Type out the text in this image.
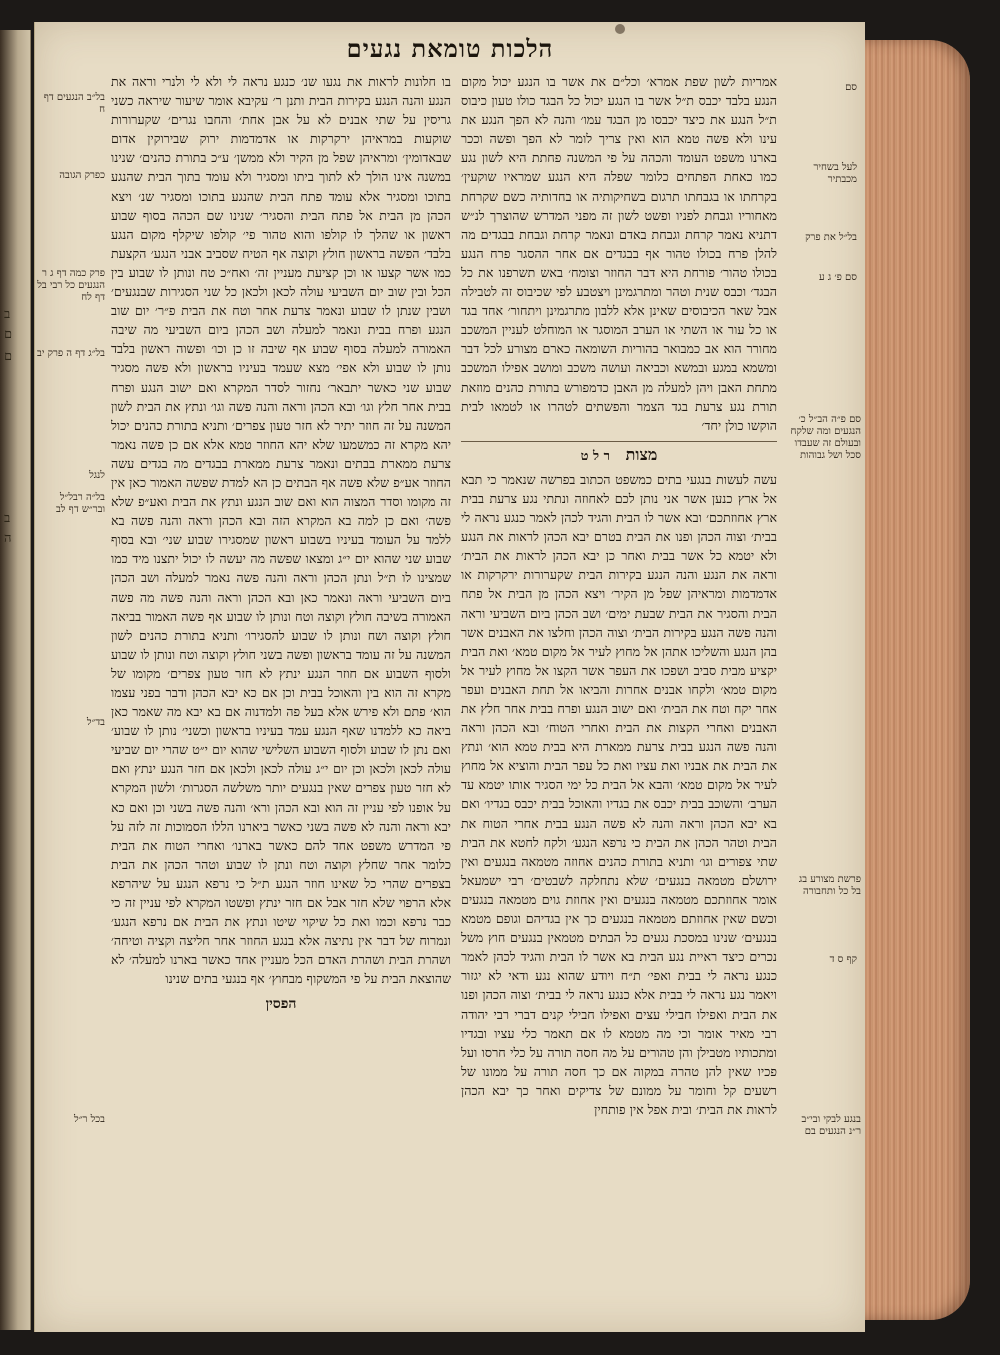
ב
ם
ם
ב
ה
הלכות טומאת נגעים

אמריות לשון שפת אמרא׳ וכל״ם את אשר בו הנגע יכול מקום הנגע בלבד יכבס ת״ל אשר בו הנגע יכול כל הבגד כולו טעון כיבוס ת״ל הנגע את כיצד יכבסו מן הבגד עמו׳ והנה לא הפך הנגע את עינו ולא פשה טמא הוא ואין צריך לומר לא הפך ופשה וככר בארנו משפט העומד והכהה על פי המשנה פחתת היא לשון נגע כמו כאחת הפתחים כלומר שפלה היא הנגע שמראיו שוקעין׳ בקרחתו או בגבחתו תרגום בשחיקותיה או בחדותיה כשם שקרחת מאחוריו וגבחת לפניו ופשט לשון זה מפני המדרש שהוצרך לנ״ש דתניא נאמר קרחת וגבחת באדם ונאמר קרחת וגבחת בבגדים מה להלן פרח בכולו טהור אף בבגדים אם אחר ההסגר פרח הנגע בכולו טהור׳ פורחת היא דבר החוזר וצומח׳ באש תשרפנו את כל הבגד׳ וכבס שנית וטהר ומתרגמינן ויצטבע לפי שכיבוס זה לטבילה אבל שאר הכיבוסים שאינן אלא ללבון מתרגמינן ויתחור׳ אחד בגד או כל עור או השתי או הערב המוסגר או המוחלט לעניין המשכב מחורר הוא אב כמבואר בהוריות השומאה כארם מצורע לכל דבר ומשמא במגע ובמשא וכביאה ועושה משכב ומושב אפילו המשכב מתחת האבן ויהן למעלה מן האבן כדמפורש בתורת כהנים מוזאת תורת נגע צרעת בגד הצמר והפשתים לטהרו או לטמאו לבית הוקשו כולן יחד׳

מצות ר ל ט

עשה לעשות בנגעי בתים כמשפט הכתוב בפרשה שנאמר כי תבא אל ארץ כנען אשר אני נותן לכם לאחוזה ונתתי נגע צרעת בבית ארץ אחוזתכם׳ ובא אשר לו הבית והגיד לכהן לאמר כנגע נראה לי בבית׳ וצוה הכהן ופנו את הבית בטרם יבא הכהן לראות את הנגע ולא יטמא כל אשר בבית ואחר כן יבא הכהן לראות את הבית׳ וראה את הנגע והנה הנגע בקירות הבית שקערורות ירקרקות או אדמדמות ומראיהן שפל מן הקיר׳ ויצא הכהן מן הבית אל פתח הבית והסגיר את הבית שבעת ימים׳ ושב הכהן ביום השביעי וראה והנה פשה הנגע בקירות הבית׳ וצוה הכהן וחלצו את האבנים אשר בהן הנגע והשליכו אתהן אל מחוץ לעיר אל מקום טמא׳ ואת הבית יקציע מבית סביב ושפכו את העפר אשר הקצו אל מחוץ לעיר אל מקום טמא׳ ולקחו אבנים אחרות והביאו אל תחת האבנים ועפר אחר יקח וטח את הבית׳ ואם ישוב הנגע ופרח בבית אחר חלץ את האבנים ואחרי הקצות את הבית ואחרי הטוח׳ ובא הכהן וראה והנה פשה הנגע בבית צרעת ממארת היא בבית טמא הוא׳ ונתץ את הבית את אבניו ואת עציו ואת כל עפר הבית והוציא אל מחוץ לעיר אל מקום טמא׳ והבא אל הבית כל ימי הסגיר אותו יטמא עד הערב׳ והשוכב בבית יכבס את בגדיו והאוכל בבית יכבס בגדיו׳ ואם בא יבא הכהן וראה והנה לא פשה הנגע בבית אחרי הטוח את הבית וטהר הכהן את הבית כי נרפא הנגע׳ ולקח לחטא את הבית שתי צפורים וגו׳ ותניא בתורת כהנים אחוזה מטמאה בנגעים ואין ירושלם מטמאה בנגעים׳ שלא נתחלקה לשבטים׳ רבי ישמעאל אומר אחוזתכם מטמאה בנגעים ואין אחוזת גוים מטמאה בנגעים וכשם שאין אחוזתם מטמאה בנגעים כך אין בגדיהם וגופם מטמא בנגעים׳ שנינו במסכת נגעים כל הבתים מטמאין בנגעים חוץ משל נכרים כיצד ראיית נגע הבית בא אשר לו הבית והגיד לכהן לאמר כנגע נראה לי בבית ואפי׳ ת״ח ויודע שהוא נגע ודאי לא יגזור ויאמר נגע נראה לי בבית אלא כנגע נראה לי בבית׳ וצוה הכהן ופנו את הבית ואפילו חבילי עצים ואפילו חבילי קנים דברי רבי יהודה רבי מאיר אומר וכי מה מטמא לו אם תאמר כלי עציו ובגדיו ומתכותיו מטבילן והן טהורים על מה חסה תורה על כלי חרסו ועל פכיו שאין להן טהרה במקוה אם כך חסה תורה על ממונו של רשעים קל וחומר על ממונם של צדיקים ואחר כך יבא הכהן לראות את הבית׳ ובית אפל אין פותחין

בו חלונות לראות את נגעו שנ׳ כנגע נראה לי ולא לי ולנרי וראה את הנגע והנה הנגע בקירות הבית ותנן ר׳ עקיבא אומר שיעור שיראה כשני גריסין על שתי אבנים לא על אבן אחת׳ והחבו נגרים׳ שקערורות שוקעות במראיהן ירקרקות או אדמדמות ירוק שבירוקין אדום שבאדומין׳ ומראיהן שפל מן הקיר ולא ממשן׳ ע״כ בתורת כהנים׳ שנינו במשנה אינו הולך לא לתוך ביתו ומסגיר ולא עומד בתוך הבית שהנגע בתוכו ומסגיר אלא עומד פתח הבית שהנגע בתוכו ומסגיר שנ׳ ויצא הכהן מן הבית אל פתח הבית והסגיר׳ שנינו שם הכהה בסוף שבוע ראשון או שהלך לו קולפו והוא טהור פי׳ קולפו שיקלף מקום הנגע בלבד׳ הפשה בראשון חולץ וקוצה אף הטיח שסביב אבני הנגע׳ הקצעת כמו אשר קצעו או וכן קציעת מעניין זה׳ ואח״כ טח ונותן לו שבוע בין הכל ובין שוב יום השביעי עולה לכאן ולכאן כל שני הסגירות שבנגעים׳ ושבין שנתן לו שבוע ונאמר צרעת אחר וטח את הבית פ״ר׳ יום שוב הנגע ופרח בבית ונאמר למעלה ושב הכהן ביום השביעי מה שיבה האמורה למעלה בסוף שבוע אף שיבה זו כן וכו׳ ופשוה ראשון בלבד נותן לו שבוע ולא אפי׳ מצא שעמד בעיניו בראשון ולא פשה מסגיר שבוע שני כאשר יתבאר׳ נחזור לסדר המקרא ואם ישוב הנגע ופרח בבית אחר חלץ וגו׳ ובא הכהן וראה והנה פשה וגו׳ ונתץ את הבית לשון המשנה על זה חוזר יתיר לא חזר טעון צפרים׳ ותניא בתורת כהנים יכול יהא מקרא זה כמשמעו שלא יהא החוזר טמא אלא אם כן פשה נאמר צרעת ממארת בבתים ונאמר צרעת ממארת בבגדים מה בגדים עשה החוזר אע״פ שלא פשה אף הבתים כן הא למדת שפשה האמור כאן אין זה מקומו וסדר המצוה הוא ואם שוב הנגע ונתץ את הבית ואע״פ שלא פשה׳ ואם כן למה בא המקרא הזה ובא הכהן וראה והנה פשה בא ללמד על העומד בעיניו בשבוע ראשון שמסגירו שבוע שני׳ ובא בסוף שבוע שני שהוא יום י״ג ומצאו שפשה מה יעשה לו יכול יתצנו מיד כמו שמצינו לו ת״ל ונתן הכהן וראה והנה פשה נאמר למעלה ושב הכהן ביום השביעי וראה ונאמר כאן ובא הכהן וראה והנה פשה מה פשה האמורה בשיבה חולץ וקוצה וטח ונותן לו שבוע אף פשה האמור בביאה חולץ וקוצה ושח ונותן לו שבוע להסגירו׳ ותניא בתורת כהנים לשון המשנה על זה עומד בראשון ופשה בשני חולץ וקוצה וטח ונותן לו שבוע ולסוף השבוע אם חוזר הנגע ינתץ לא חזר טעון צפרים׳ מקומו של מקרא זה הוא בין והאוכל בבית וכן אם כא יבא הכהן ודבר בפני עצמו הוא׳ פתם ולא פירש אלא בעל פה ולמדנוה אם בא יבא מה שאמר כאן ביאה כא ללמדנו שאף הנגע עמד בעיניו בראשון וכשני׳ נותן לו שבוע׳ ואם נתן לו שבוע ולסוף השבוע השלישי שהוא יום י״ט שהרי יום שביעי עולה לכאן ולכאן וכן יום י״ג עולה לכאן ולכאן אם חזר הנגע ינתץ ואם לא חזר טעון צפרים שאין בנגעים יותר משלשה הסגרות׳ ולשון המקרא על אופנו לפי עניין זה הוא ובא הכהן ורא׳ והנה פשה בשני וכן ואם כא יבא וראה והנה לא פשה בשני כאשר ביארנו הללו הסמוכות זה לזה על פי המדרש משפט אחד להם כאשר בארנו׳ ואחרי הטוח את הבית כלומר אחר שחלץ וקוצה וטח ונתן לו שבוע וטהר הכהן את הבית בצפרים שהרי כל שאינו חוזר הנגע ת״ל כי נרפא הנגע על שיהרפא אלא הרפוי שלא חזר אבל אם חזר ינתץ ופשטו המקרא לפי עניין זה כי כבר נרפא וכמו ואת כל שיקוי שיטו ונתץ את הבית אם נרפא הנגע׳ ונמרוח של דבר אין נתיצה אלא בנגע החוזר אחר חליצה וקציה וטיחה׳ ושהרת הבית ושהרת האדם הכל מעניין אחד כאשר בארנו למעלה׳ לא שהוצאת הבית על פי המשקוף מבחוץ׳ אף בנגעי בתים שנינו

הפסין
סם
לעל בשחיר מכבתיר
בל״ל את פרק
סם פ׳ ג ע
סם פ״ה הב״ל כ׳ הנגעים ומה שלקח ובעולם זה שעבדו סכל ושל גבוהות
פרשת מצורע בג בל כל ותחבורה
קף ס ד
בנגע לבקי ובי״ב ר״נ הנגעים בם
בל״ב הנגעים דף ח
כפרק הגובה
פרק כמה דף ג ר הנגעים כל רבי בל דף לח
בל״ג דף ה פרק יב
לנגל
בל״ה רבל״ל ובר״ש דף לב
בד״ל
בכל ר״ל
